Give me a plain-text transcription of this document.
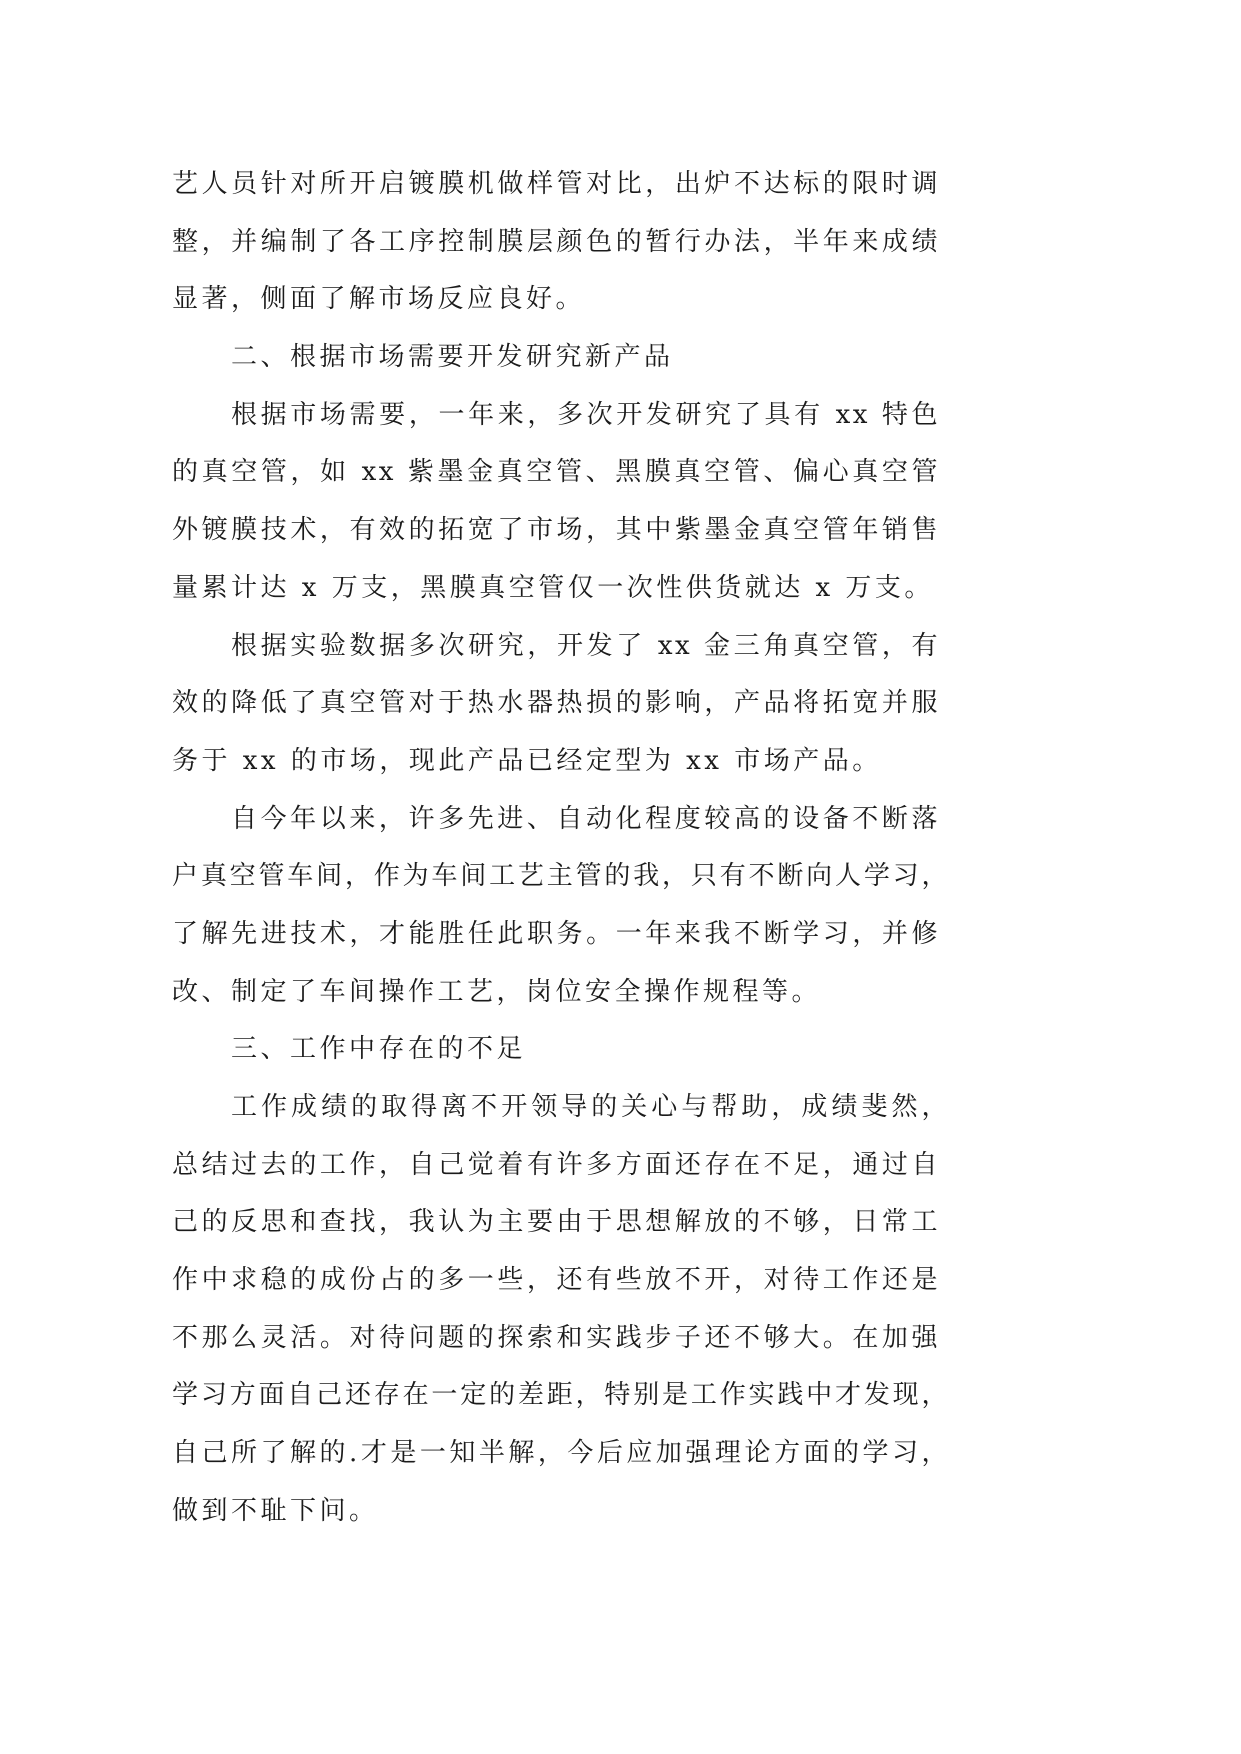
艺人员针对所开启镀膜机做样管对比，出炉不达标的限时调
整，并编制了各工序控制膜层颜色的暂行办法，半年来成绩
显著，侧面了解市场反应良好。
二、根据市场需要开发研究新产品
根据市场需要，一年来，多次开发研究了具有 xx 特色
的真空管，如 xx 紫墨金真空管、黑膜真空管、偏心真空管
外镀膜技术，有效的拓宽了市场，其中紫墨金真空管年销售
量累计达 x 万支，黑膜真空管仅一次性供货就达 x 万支。
根据实验数据多次研究，开发了 xx 金三角真空管，有
效的降低了真空管对于热水器热损的影响，产品将拓宽并服
务于 xx 的市场，现此产品已经定型为 xx 市场产品。
自今年以来，许多先进、自动化程度较高的设备不断落
户真空管车间，作为车间工艺主管的我，只有不断向人学习，
了解先进技术，才能胜任此职务。一年来我不断学习，并修
改、制定了车间操作工艺，岗位安全操作规程等。
三、工作中存在的不足
工作成绩的取得离不开领导的关心与帮助，成绩斐然，
总结过去的工作，自己觉着有许多方面还存在不足，通过自
己的反思和查找，我认为主要由于思想解放的不够，日常工
作中求稳的成份占的多一些，还有些放不开，对待工作还是
不那么灵活。对待问题的探索和实践步子还不够大。在加强
学习方面自己还存在一定的差距，特别是工作实践中才发现，
自己所了解的.才是一知半解，今后应加强理论方面的学习，
做到不耻下问。
